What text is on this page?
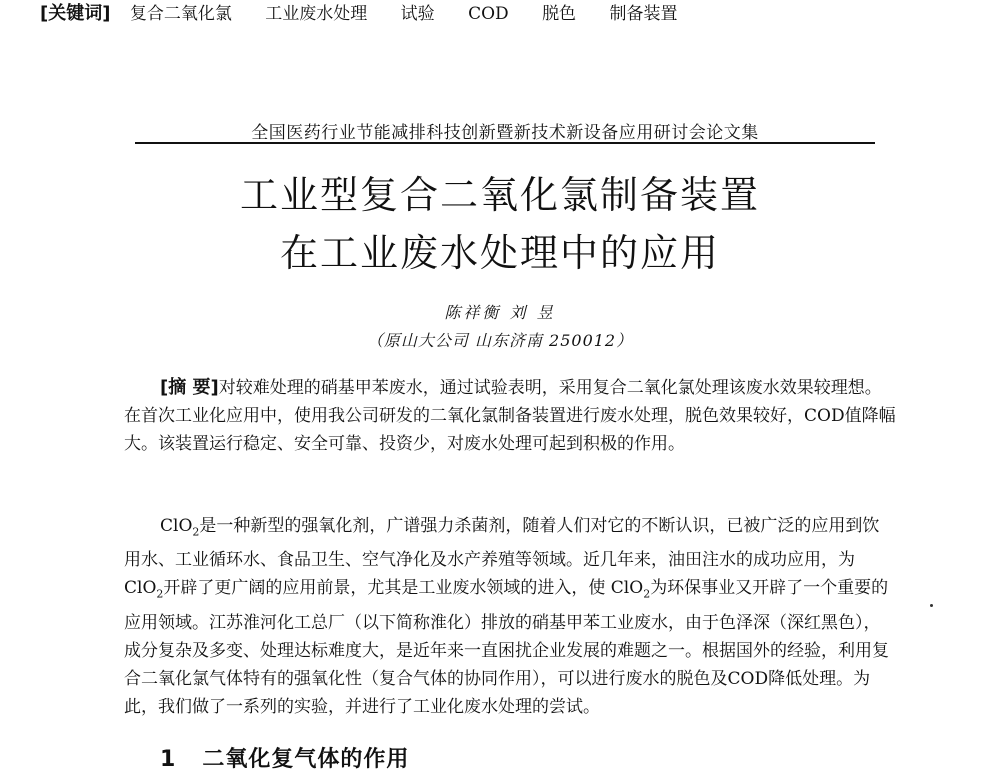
全国医药行业节能减排科技创新暨新技术新设备应用研讨会论文集
工业型复合二氧化氯制备装置
在工业废水处理中的应用
陈祥衡 刘 昱
（原山大公司 山东济南 250012）
[摘 要]对较难处理的硝基甲苯废水，通过试验表明，采用复合二氧化氯处理该废水效果较理想。在首次工业化应用中，使用我公司研发的二氧化氯制备装置进行废水处理，脱色效果较好，COD值降幅大。该装置运行稳定、安全可靠、投资少，对废水处理可起到积极的作用。
[关键词] 复合二氧化氯 工业废水处理 试验 COD 脱色 制备装置
ClO$_2$是一种新型的强氧化剂，广谱强力杀菌剂，随着人们对它的不断认识，已被广泛的应用到饮用水、工业循环水、食品卫生、空气净化及水产养殖等领域。近几年来，油田注水的成功应用，为 ClO$_2$开辟了更广阔的应用前景，尤其是工业废水领域的进入，使 ClO$_2$为环保事业又开辟了一个重要的应用领域。江苏淮河化工总厂（以下简称淮化）排放的硝基甲苯工业废水，由于色泽深（深红黑色），成分复杂及多变、处理达标难度大，是近年来一直困扰企业发展的难题之一。根据国外的经验，利用复合二氧化氯气体特有的强氧化性（复合气体的协同作用），可以进行废水的脱色及COD降低处理。为此，我们做了一系列的实验，并进行了工业化废水处理的尝试。
1 二氧化复气体的作用
